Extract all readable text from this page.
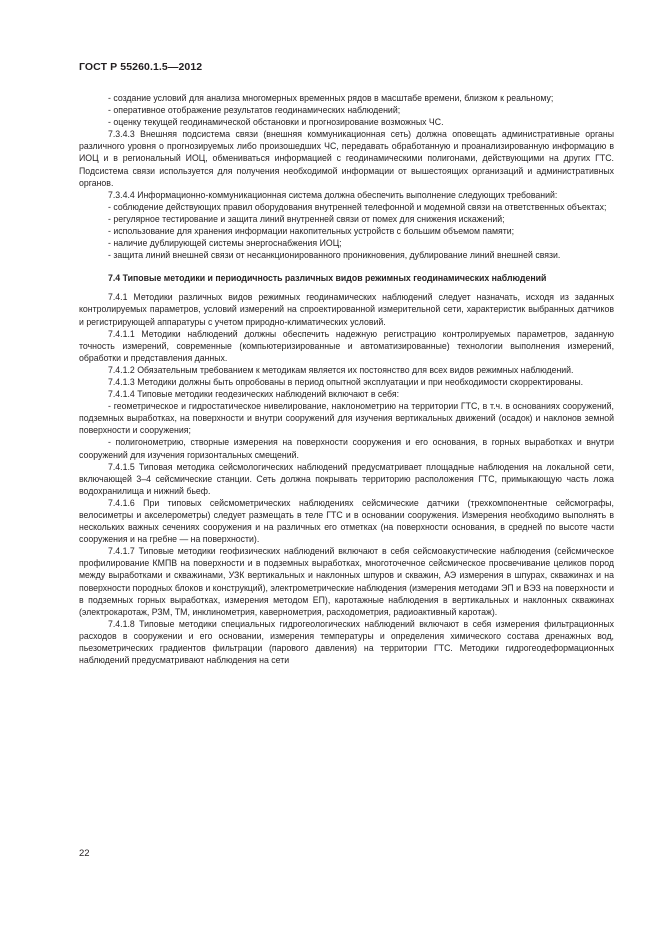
ГОСТ Р 55260.1.5—2012

- создание условий для анализа многомерных временных рядов в масштабе времени, близком к реальному;

- оперативное отображение результатов геодинамических наблюдений;

- оценку текущей геодинамической обстановки и прогнозирование возможных ЧС.

7.3.4.3 Внешняя подсистема связи (внешняя коммуникационная сеть) должна оповещать административные органы различного уровня о прогнозируемых либо произошедших ЧС, передавать обработанную и проанализированную информацию в ИОЦ и в региональный ИОЦ, обмениваться информацией с геодинамическими полигонами, действующими на других ГТС. Подсистема связи используется для получения необходимой информации от вышестоящих организаций и административных органов.

7.3.4.4 Информационно-коммуникационная система должна обеспечить выполнение следующих требований:

- соблюдение действующих правил оборудования внутренней телефонной и модемной связи на ответственных объектах;

- регулярное тестирование и защита линий внутренней связи от помех для снижения искажений;

- использование для хранения информации накопительных устройств с большим объемом памяти;

- наличие дублирующей системы энергоснабжения ИОЦ;

- защита линий внешней связи от несанкционированного проникновения, дублирование линий внешней связи.

7.4 Типовые методики и периодичность различных видов режимных геодинамических наблюдений

7.4.1 Методики различных видов режимных геодинамических наблюдений следует назначать, исходя из заданных контролируемых параметров, условий измерений на спроектированной измерительной сети, характеристик выбранных датчиков и регистрирующей аппаратуры с учетом природно-климатических условий.

7.4.1.1 Методики наблюдений должны обеспечить надежную регистрацию контролируемых параметров, заданную точность измерений, современные (компьютеризированные и автоматизированные) технологии выполнения измерений, обработки и представления данных.

7.4.1.2 Обязательным требованием к методикам является их постоянство для всех видов режимных наблюдений.

7.4.1.3 Методики должны быть опробованы в период опытной эксплуатации и при необходимости скорректированы.

7.4.1.4 Типовые методики геодезических наблюдений включают в себя:

- геометрическое и гидростатическое нивелирование, наклонометрию на территории ГТС, в т.ч. в основаниях сооружений, подземных выработках, на поверхности и внутри сооружений для изучения вертикальных движений (осадок) и наклонов земной поверхности и сооружения;

- полигонометрию, створные измерения на поверхности сооружения и его основания, в горных выработках и внутри сооружений для изучения горизонтальных смещений.

7.4.1.5 Типовая методика сейсмологических наблюдений предусматривает площадные наблюдения на локальной сети, включающей 3–4 сейсмические станции. Сеть должна покрывать территорию расположения ГТС, примыкающую часть ложа водохранилища и нижний бьеф.

7.4.1.6 При типовых сейсмометрических наблюдениях сейсмические датчики (трехкомпонентные сейсмографы, велосиметры и акселерометры) следует размещать в теле ГТС и в основании сооружения. Измерения необходимо выполнять в нескольких важных сечениях сооружения и на различных его отметках (на поверхности основания, в средней по высоте части сооружения и на гребне — на поверхности).

7.4.1.7 Типовые методики геофизических наблюдений включают в себя сейсмоакустические наблюдения (сейсмическое профилирование КМПВ на поверхности и в подземных выработках, многоточечное сейсмическое просвечивание целиков пород между выработками и скважинами, УЗК вертикальных и наклонных шпуров и скважин, АЭ измерения в шпурах, скважинах и на поверхности породных блоков и конструкций), электрометрические наблюдения (измерения методами ЭП и ВЭЗ на поверхности и в подземных горных выработках, измерения методом ЕП), каротажные наблюдения в вертикальных и наклонных скважинах (электрокаротаж, РЗМ, ТМ, инклинометрия, кавернометрия, расходометрия, радиоактивный каротаж).

7.4.1.8 Типовые методики специальных гидрогеологических наблюдений включают в себя измерения фильтрационных расходов в сооружении и его основании, измерения температуры и определения химического состава дренажных вод, пьезометрических градиентов фильтрации (парового давления) на территории ГТС. Методики гидрогеодеформационных наблюдений предусматривают наблюдения на сети

22
